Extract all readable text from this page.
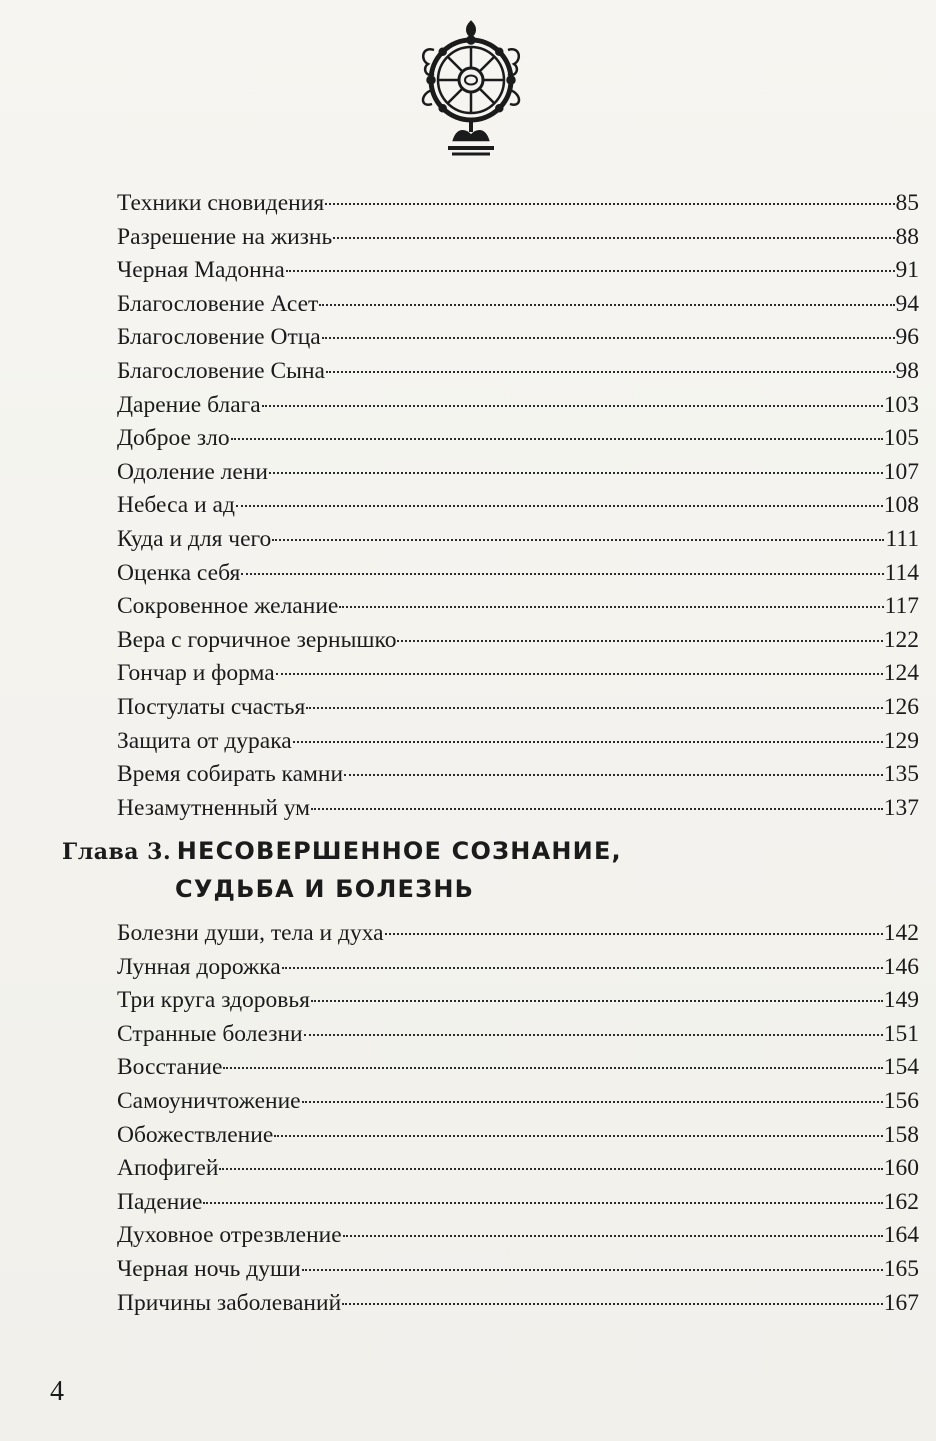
Техники сновидения	85
Разрешение на жизнь	88
Черная Мадонна	91
Благословение Асет	94
Благословение Отца	96
Благословение Сына	98
Дарение блага	103
Доброе зло	105
Одоление лени	107
Небеса и ад	108
Куда и для чего	111
Оценка себя	114
Сокровенное желание	117
Вера с горчичное зернышко	122
Гончар и форма	124
Постулаты счастья	126
Защита от дурака	129
Время собирать камни	135
Незамутненный ум	137
Болезни души, тела и духа	142
Лунная дорожка	146
Три круга здоровья	149
Странные болезни	151
Восстание	154
Самоуничтожение	156
Обожествление	158
Апофигей	160
Падение	162
Духовное отрезвление	164
Черная ночь души	165
Причины заболеваний	167
Глава 3. НЕСОВЕРШЕННОЕ СОЗНАНИЕ,
СУДЬБА И БОЛЕЗНЬ
4
